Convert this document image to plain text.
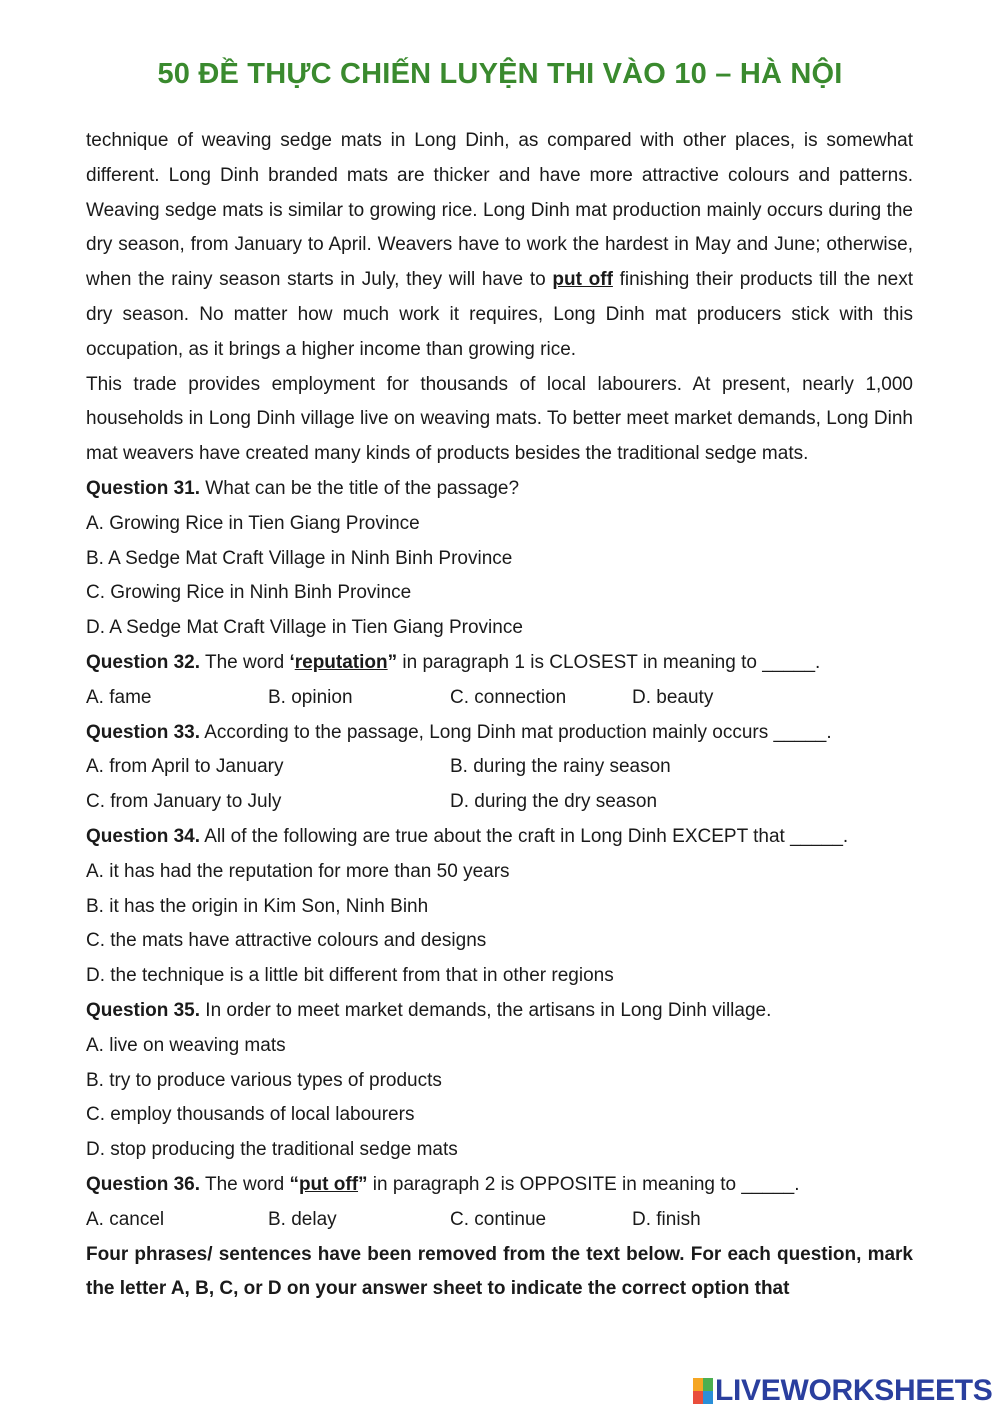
50 ĐỀ THỰC CHIẾN LUYỆN THI VÀO 10 – HÀ NỘI

technique of weaving sedge mats in Long Dinh, as compared with other places, is somewhat different. Long Dinh branded mats are thicker and have more attractive colours and patterns. Weaving sedge mats is similar to growing rice. Long Dinh mat production mainly occurs during the dry season, from January to April. Weavers have to work the hardest in May and June; otherwise, when the rainy season starts in July, they will have to put off finishing their products till the next dry season. No matter how much work it requires, Long Dinh mat producers stick with this occupation, as it brings a higher income than growing rice.

This trade provides employment for thousands of local labourers. At present, nearly 1,000 households in Long Dinh village live on weaving mats. To better meet market demands, Long Dinh mat weavers have created many kinds of products besides the traditional sedge mats.

Question 31. What can be the title of the passage?

A. Growing Rice in Tien Giang Province

B. A Sedge Mat Craft Village in Ninh Binh Province

C. Growing Rice in Ninh Binh Province

D. A Sedge Mat Craft Village in Tien Giang Province

Question 32. The word ‘reputation” in paragraph 1 is CLOSEST in meaning to _____.

A. fame	B. opinion	C. connection	D. beauty

Question 33. According to the passage, Long Dinh mat production mainly occurs _____.

A. from April to January	B. during the rainy season
C. from January to July	D. during the dry season

Question 34. All of the following are true about the craft in Long Dinh EXCEPT that _____.

A. it has had the reputation for more than 50 years

B. it has the origin in Kim Son, Ninh Binh

C. the mats have attractive colours and designs

D. the technique is a little bit different from that in other regions

Question 35. In order to meet market demands, the artisans in Long Dinh village.

A. live on weaving mats

B. try to produce various types of products

C. employ thousands of local labourers

D. stop producing the traditional sedge mats

Question 36. The word “put off” in paragraph 2 is OPPOSITE in meaning to _____.

A. cancel	B. delay	C. continue	D. finish

Four phrases/ sentences have been removed from the text below. For each question, mark the letter A, B, C, or D on your answer sheet to indicate the correct option that

LIVEWORKSHEETS
